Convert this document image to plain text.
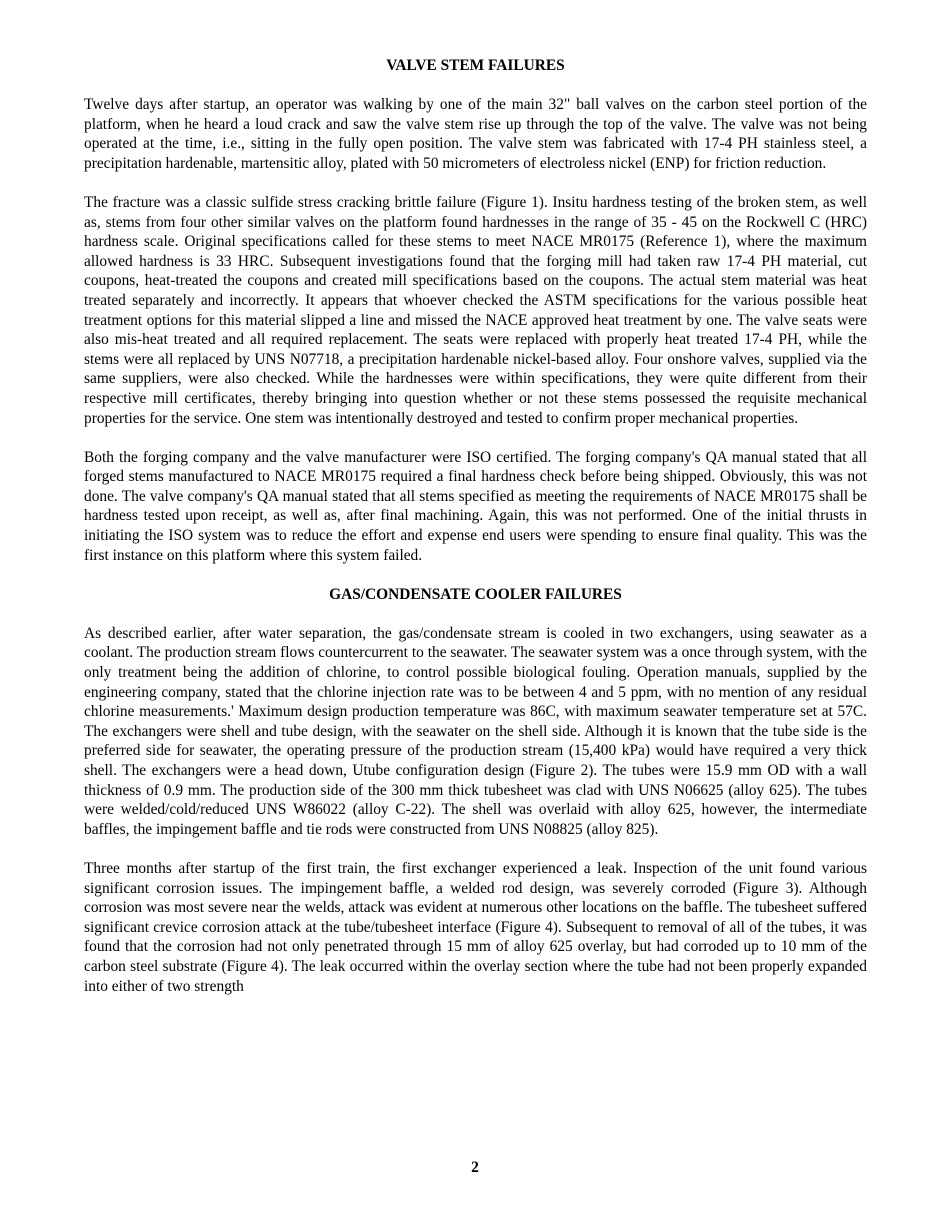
VALVE STEM FAILURES

Twelve days after startup, an operator was walking by one of the main 32" ball valves on the carbon steel portion of the platform, when he heard a loud crack and saw the valve stem rise up through the top of the valve. The valve was not being operated at the time, i.e., sitting in the fully open position. The valve stem was fabricated with 17-4 PH stainless steel, a precipitation hardenable, martensitic alloy, plated with 50 micrometers of electroless nickel (ENP) for friction reduction.

The fracture was a classic sulfide stress cracking brittle failure (Figure 1). Insitu hardness testing of the broken stem, as well as, stems from four other similar valves on the platform found hardnesses in the range of 35 - 45 on the Rockwell C (HRC) hardness scale. Original specifications called for these stems to meet NACE MR0175 (Reference 1), where the maximum allowed hardness is 33 HRC. Subsequent investigations found that the forging mill had taken raw 17-4 PH material, cut coupons, heat-treated the coupons and created mill specifications based on the coupons. The actual stem material was heat treated separately and incorrectly. It appears that whoever checked the ASTM specifications for the various possible heat treatment options for this material slipped a line and missed the NACE approved heat treatment by one. The valve seats were also mis-heat treated and all required replacement. The seats were replaced with properly heat treated 17-4 PH, while the stems were all replaced by UNS N07718, a precipitation hardenable nickel-based alloy. Four onshore valves, supplied via the same suppliers, were also checked. While the hardnesses were within specifications, they were quite different from their respective mill certificates, thereby bringing into question whether or not these stems possessed the requisite mechanical properties for the service. One stem was intentionally destroyed and tested to confirm proper mechanical properties.

Both the forging company and the valve manufacturer were ISO certified. The forging company's QA manual stated that all forged stems manufactured to NACE MR0175 required a final hardness check before being shipped. Obviously, this was not done. The valve company's QA manual stated that all stems specified as meeting the requirements of NACE MR0175 shall be hardness tested upon receipt, as well as, after final machining. Again, this was not performed. One of the initial thrusts in initiating the ISO system was to reduce the effort and expense end users were spending to ensure final quality. This was the first instance on this platform where this system failed.

GAS/CONDENSATE COOLER FAILURES

As described earlier, after water separation, the gas/condensate stream is cooled in two exchangers, using seawater as a coolant. The production stream flows countercurrent to the seawater. The seawater system was a once through system, with the only treatment being the addition of chlorine, to control possible biological fouling. Operation manuals, supplied by the engineering company, stated that the chlorine injection rate was to be between 4 and 5 ppm, with no mention of any residual chlorine measurements.' Maximum design production temperature was 86C, with maximum seawater temperature set at 57C. The exchangers were shell and tube design, with the seawater on the shell side. Although it is known that the tube side is the preferred side for seawater, the operating pressure of the production stream (15,400 kPa) would have required a very thick shell. The exchangers were a head down, Utube configuration design (Figure 2). The tubes were 15.9 mm OD with a wall thickness of 0.9 mm. The production side of the 300 mm thick tubesheet was clad with UNS N06625 (alloy 625). The tubes were welded/cold/reduced UNS W86022 (alloy C-22). The shell was overlaid with alloy 625, however, the intermediate baffles, the impingement baffle and tie rods were constructed from UNS N08825 (alloy 825).

Three months after startup of the first train, the first exchanger experienced a leak. Inspection of the unit found various significant corrosion issues. The impingement baffle, a welded rod design, was severely corroded (Figure 3). Although corrosion was most severe near the welds, attack was evident at numerous other locations on the baffle. The tubesheet suffered significant crevice corrosion attack at the tube/tubesheet interface (Figure 4). Subsequent to removal of all of the tubes, it was found that the corrosion had not only penetrated through 15 mm of alloy 625 overlay, but had corroded up to 10 mm of the carbon steel substrate (Figure 4). The leak occurred within the overlay section where the tube had not been properly expanded into either of two strength

2
